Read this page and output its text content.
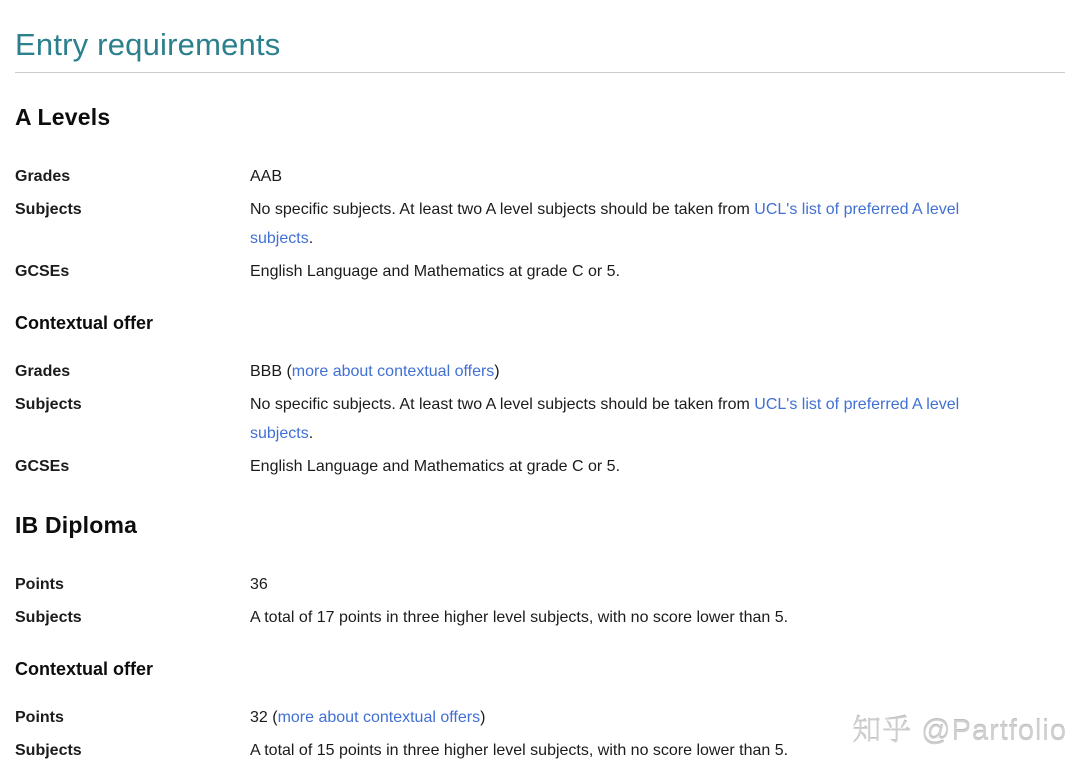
Entry requirements
A Levels
Grades	AAB
Subjects	No specific subjects. At least two A level subjects should be taken from UCL's list of preferred A level subjects.
GCSEs	English Language and Mathematics at grade C or 5.
Contextual offer
Grades	BBB (more about contextual offers)
Subjects	No specific subjects. At least two A level subjects should be taken from UCL's list of preferred A level subjects.
GCSEs	English Language and Mathematics at grade C or 5.
IB Diploma
Points	36
Subjects	A total of 17 points in three higher level subjects, with no score lower than 5.
Contextual offer
Points	32 (more about contextual offers)
Subjects	A total of 15 points in three higher level subjects, with no score lower than 5.
知乎 @Partfolio
